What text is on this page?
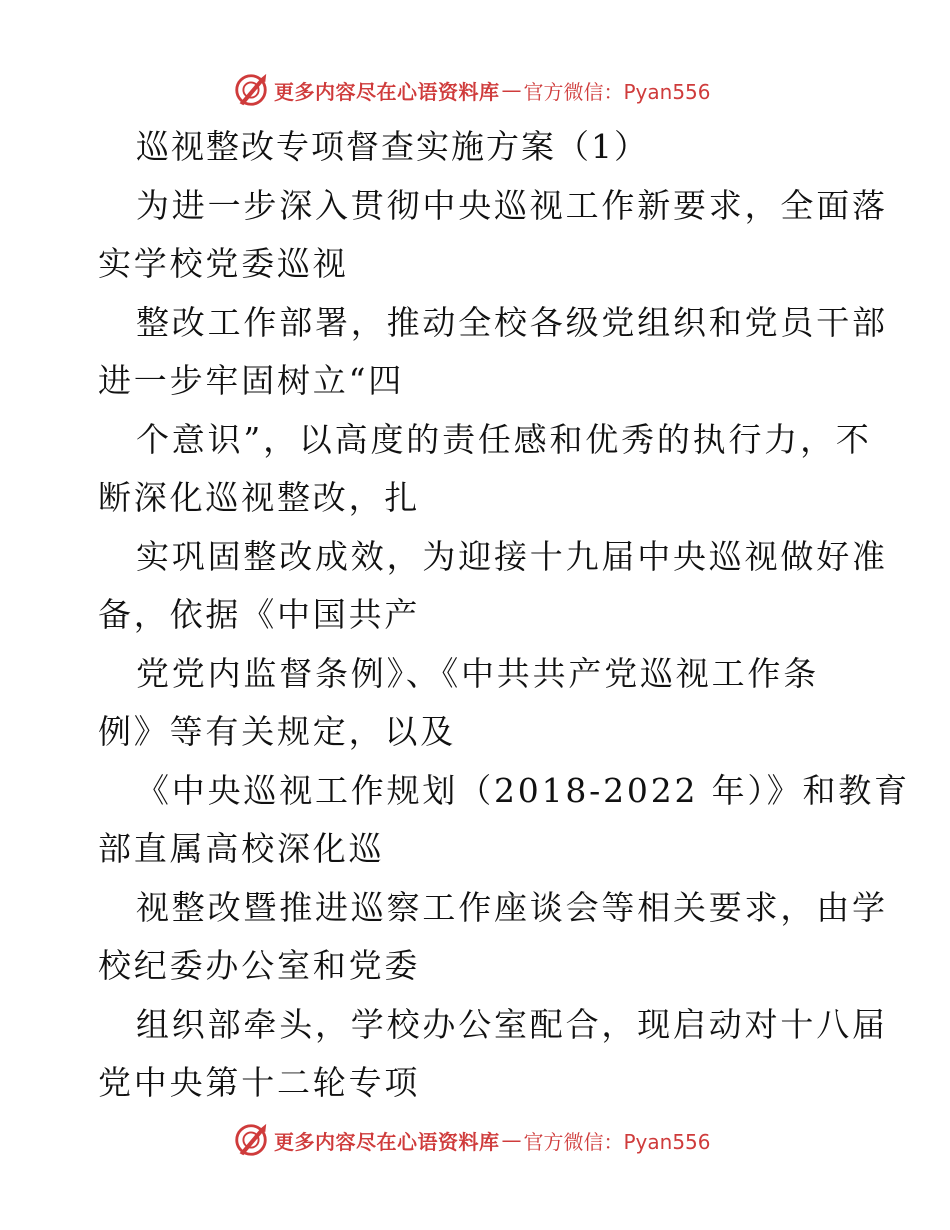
更多内容尽在心语资料库 — 官方微信：Pyan556
巡视整改专项督查实施方案（1）
为进一步深入贯彻中央巡视工作新要求，全面落
实学校党委巡视
整改工作部署，推动全校各级党组织和党员干部
进一步牢固树立“四
个意识”，以高度的责任感和优秀的执行力，不
断深化巡视整改，扎
实巩固整改成效，为迎接十九届中央巡视做好准
备，依据《中国共产
党党内监督条例》、《中共共产党巡视工作条
例》等有关规定，以及
《中央巡视工作规划（2018-2022 年）》和教育
部直属高校深化巡
视整改暨推进巡察工作座谈会等相关要求，由学
校纪委办公室和党委
组织部牵头，学校办公室配合，现启动对十八届
党中央第十二轮专项
更多内容尽在心语资料库 — 官方微信：Pyan556
